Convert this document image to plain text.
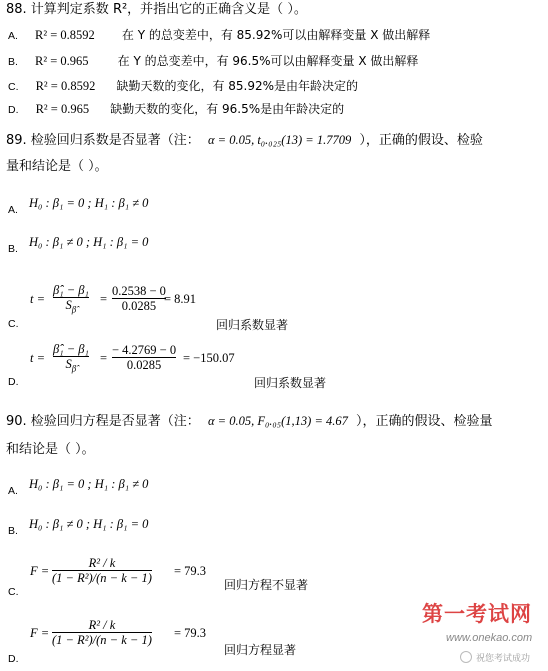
88. 计算判定系数 R²，并指出它的正确含义是（ ）。
A. R² = 0.8592 在 Y 的总变差中，有 85.92%可以由解释变量 X 做出解释
B. R² = 0.965 在 Y 的总变差中，有 96.5%可以由解释变量 X 做出解释
C. R² = 0.8592 缺勤天数的变化，有 85.92%是由年龄决定的
D. R² = 0.965 缺勤天数的变化，有 96.5%是由年龄决定的
89. 检验回归系数是否显著（注： α = 0.05, t₀.₀₂₅(13) = 1.7709 ），正确的假设、检验
量和结论是（ ）。
$_{A.}$ H₀ : β₁ = 0 ; H₁ : β₁ ≠ 0
$_{B.}$ H₀ : β₁ ≠ 0 ; H₁ : β₁ = 0
C.
t =
β̂₁ − β₁
$S_{\betâ}$
=
0.2538 − 0
0.0285 = 8.91
回归系数显著
D.
t =
β̂₁ − β₁
$S_{\betâ}$
=
− 4.2769 − 0
0.0285 = −150.07
回归系数显著
90. 检验回归方程是否显著（注： α = 0.05, F₀.₀₅(1,13) = 4.67 ），正确的假设、检验量
和结论是（ ）。
$_{A.}$ H₀ : β₁ = 0 ; H₁ : β₁ ≠ 0
$_{B.}$ H₀ : β₁ ≠ 0 ; H₁ : β₁ = 0
C.
F =
R² / k
(1 − R²)/(n − k − 1) = 79.3
回归方程不显著
D.
F =
R² / k
(1 − R²)/(n − k − 1) = 79.3
回归方程显著
第一考试网
www.onekao.com
祝您考试成功
